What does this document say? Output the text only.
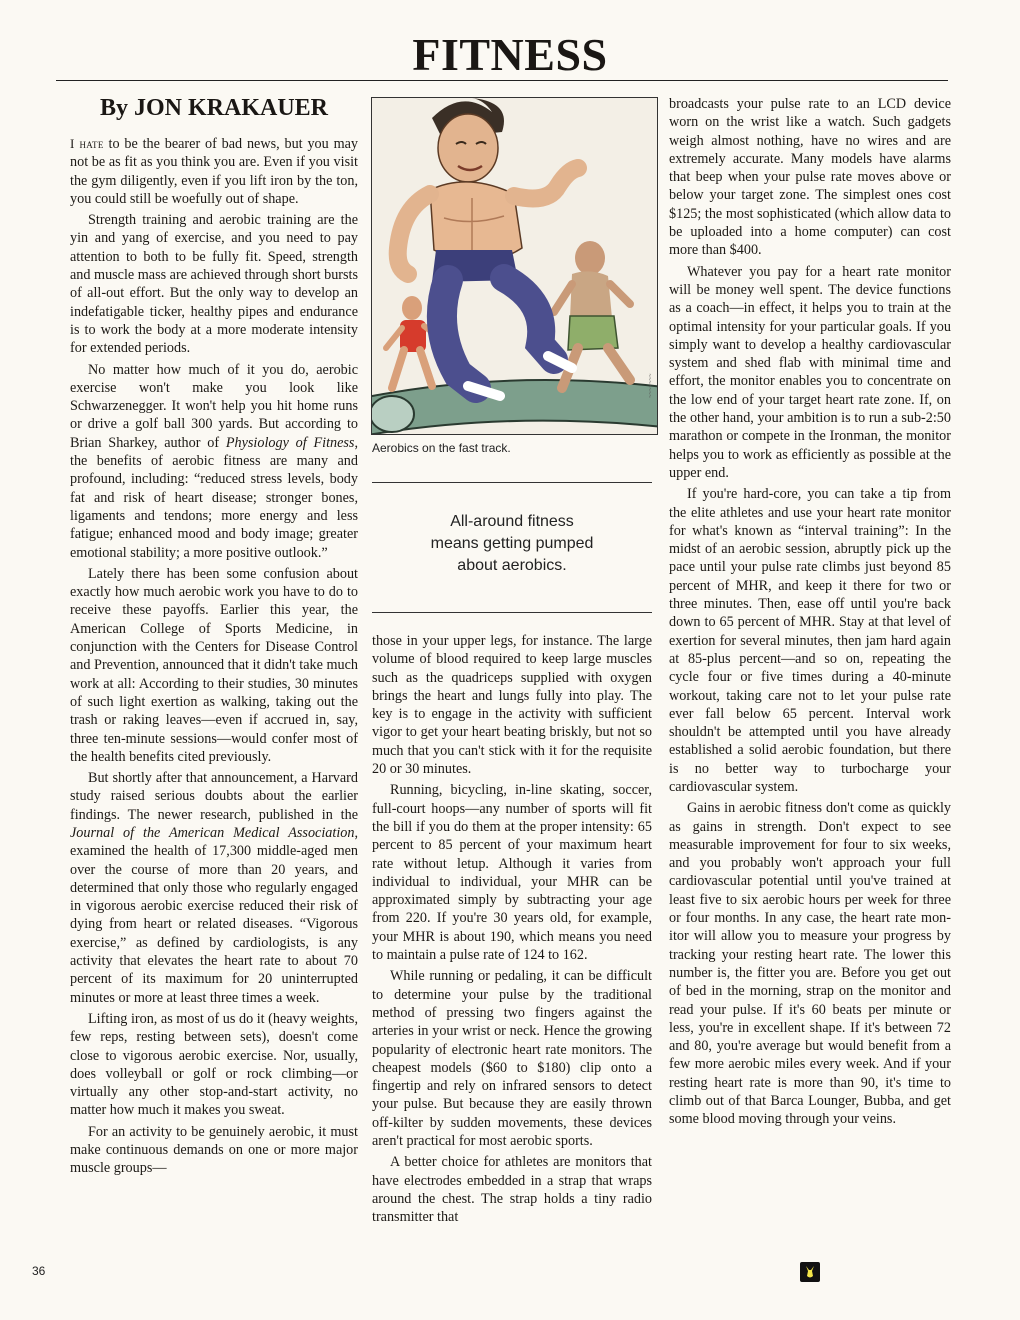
FITNESS
By JON KRAKAUER

I hate to be the bearer of bad news, but you may not be as fit as you think you are. Even if you visit the gym diligently, even if you lift iron by the ton, you could still be woefully out of shape.

Strength training and aerobic training are the yin and yang of exercise, and you need to pay attention to both to be fully fit. Speed, strength and muscle mass are achieved through short bursts of all-out effort. But the only way to develop an indefatigable ticker, healthy pipes and endurance is to work the body at a more moderate intensity for extended periods.

No matter how much of it you do, aerobic exercise won't make you look like Schwarzenegger. It won't help you hit home runs or drive a golf ball 300 yards. But according to Brian Sharkey, author of Physiology of Fitness, the benefits of aerobic fitness are many and profound, including: “reduced stress levels, body fat and risk of heart disease; stronger bones, ligaments and tendons; more energy and less fatigue; enhanced mood and body image; greater emotional stability; a more positive outlook.”

Lately there has been some confusion about exactly how much aerobic work you have to do to receive these payoffs. Earlier this year, the American College of Sports Medicine, in conjunction with the Centers for Disease Control and Prevention, announced that it didn't take much work at all: According to their studies, 30 minutes of such light exertion as walking, taking out the trash or raking leaves—even if accrued in, say, three ten-minute sessions—would confer most of the health benefits cited previously.

But shortly after that announcement, a Harvard study raised serious doubts about the earlier findings. The newer research, published in the Journal of the American Medical Association, examined the health of 17,300 middle-aged men over the course of more than 20 years, and determined that only those who regularly engaged in vigorous aerobic exercise reduced their risk of dying from heart or related diseases. “Vigorous exercise,” as defined by cardiologists, is any activity that elevates the heart rate to about 70 percent of its maximum for 20 uninterrupted minutes or more at least three times a week.

Lifting iron, as most of us do it (heavy weights, few reps, resting between sets), doesn't come close to vigorous aerobic exercise. Nor, usually, does volleyball or golf or rock climbing—or virtually any other stop-and-start activity, no matter how much it makes you sweat.

For an activity to be genuinely aerobic, it must make continuous demands on one or more major muscle groups—

~~~~~~~
Aerobics on the fast track.
All-around fitness
means getting pumped
about aerobics.

those in your upper legs, for instance. The large volume of blood required to keep large muscles such as the quadriceps supplied with oxygen brings the heart and lungs fully into play. The key is to engage in the activity with sufficient vigor to get your heart beating briskly, but not so much that you can't stick with it for the requisite 20 or 30 minutes.

Running, bicycling, in-line skating, soccer, full-court hoops—any number of sports will fit the bill if you do them at the proper intensity: 65 percent to 85 percent of your maximum heart rate without letup. Although it varies from individual to individual, your MHR can be approximated simply by subtracting your age from 220. If you're 30 years old, for example, your MHR is about 190, which means you need to maintain a pulse rate of 124 to 162.

While running or pedaling, it can be difficult to determine your pulse by the traditional method of pressing two fingers against the arteries in your wrist or neck. Hence the growing popularity of electronic heart rate monitors. The cheapest models ($60 to $180) clip onto a fingertip and rely on infrared sensors to detect your pulse. But because they are easily thrown off-kilter by sudden movements, these devices aren't practical for most aerobic sports.

A better choice for athletes are monitors that have electrodes embedded in a strap that wraps around the chest. The strap holds a tiny radio transmitter that

broadcasts your pulse rate to an LCD device worn on the wrist like a watch. Such gadgets weigh almost nothing, have no wires and are extremely accurate. Many models have alarms that beep when your pulse rate moves above or below your target zone. The simplest ones cost $125; the most sophisticated (which allow data to be uploaded into a home computer) can cost more than $400.

Whatever you pay for a heart rate monitor will be money well spent. The device functions as a coach—in effect, it helps you to train at the optimal intensity for your particular goals. If you simply want to develop a healthy cardiovascular system and shed flab with minimal time and effort, the monitor enables you to concentrate on the low end of your target heart rate zone. If, on the other hand, your ambition is to run a sub-2:50 marathon or compete in the Ironman, the monitor helps you to work as efficiently as possible at the upper end.

If you're hard-core, you can take a tip from the elite athletes and use your heart rate monitor for what's known as “interval training”: In the midst of an aerobic session, abruptly pick up the pace until your pulse rate climbs just beyond 85 percent of MHR, and keep it there for two or three minutes. Then, ease off until you're back down to 65 percent of MHR. Stay at that level of exertion for several minutes, then jam hard again at 85-plus percent—and so on, repeating the cycle four or five times during a 40-minute workout, taking care not to let your pulse rate ever fall below 65 percent. Interval work shouldn't be attempted until you have already established a solid aerobic foundation, but there is no better way to turbocharge your cardiovascular system.

Gains in aerobic fitness don't come as quickly as gains in strength. Don't expect to see measurable improvement for four to six weeks, and you probably won't approach your full cardiovascular potential until you've trained at least five to six aerobic hours per week for three or four months. In any case, the heart rate monitor will allow you to measure your progress by tracking your resting heart rate. The lower this number is, the fitter you are. Before you get out of bed in the morning, strap on the monitor and read your pulse. If it's 60 beats per minute or less, you're in excellent shape. If it's between 72 and 80, you're average but would benefit from a few more aerobic miles every week. And if your resting heart rate is more than 90, it's time to climb out of that Barca Lounger, Bubba, and get some blood moving through your veins.

36
